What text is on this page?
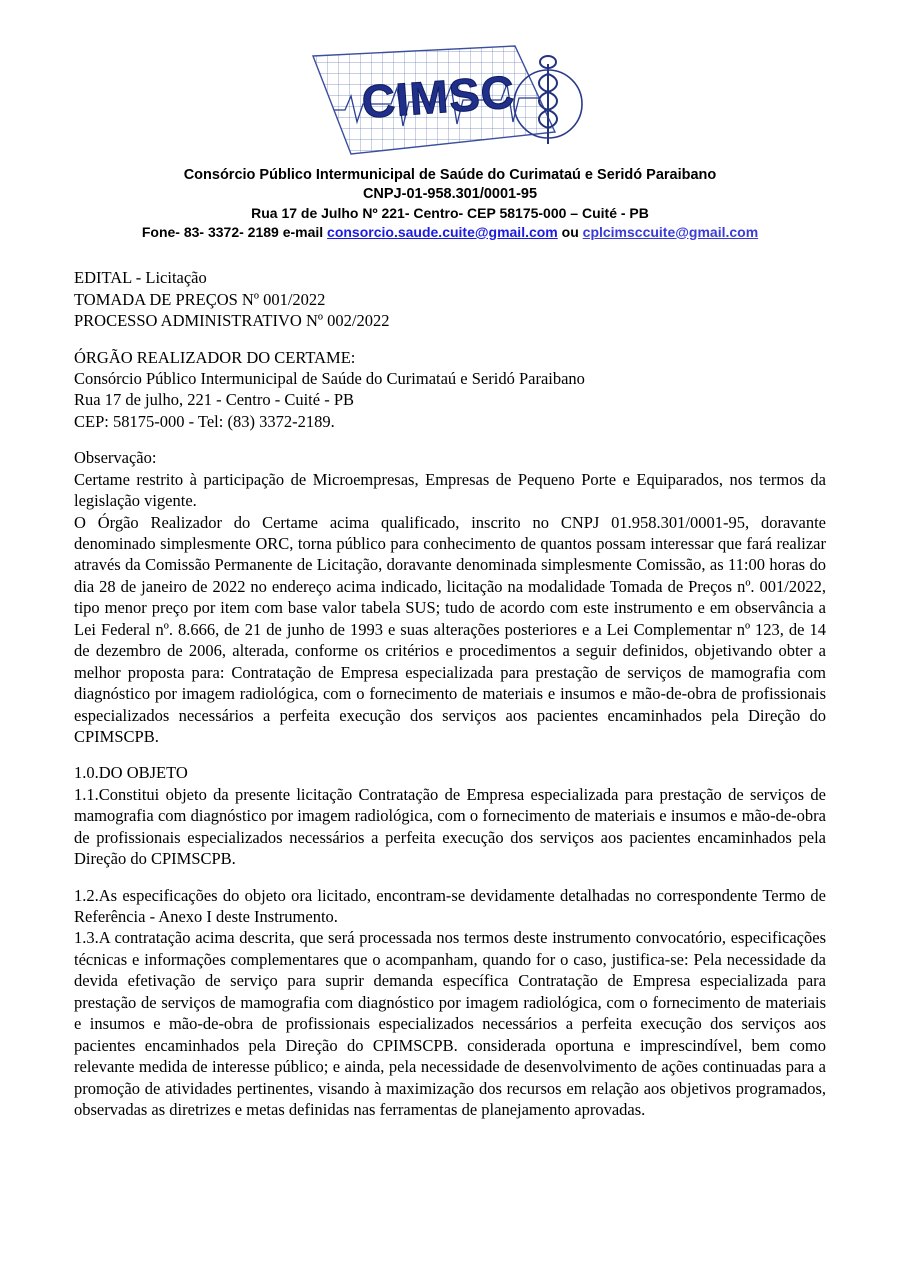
CIMSC
Consórcio Público Intermunicipal de Saúde do Curimataú e Seridó Paraibano
CNPJ-01-958.301/0001-95
Rua 17 de Julho Nº 221- Centro- CEP 58175-000 – Cuité - PB
Fone- 83- 3372- 2189 e-mail consorcio.saude.cuite@gmail.com ou cplcimsccuite@gmail.com

EDITAL - Licitação

TOMADA DE PREÇOS Nº 001/2022

PROCESSO ADMINISTRATIVO Nº 002/2022

ÓRGÃO REALIZADOR DO CERTAME:

Consórcio Público Intermunicipal de Saúde do Curimataú e Seridó Paraibano

Rua 17 de julho, 221 - Centro - Cuité - PB

CEP: 58175-000 - Tel: (83) 3372-2189.

Observação:

Certame restrito à participação de Microempresas, Empresas de Pequeno Porte e Equiparados, nos termos da legislação vigente.

O Órgão Realizador do Certame acima qualificado, inscrito no CNPJ 01.958.301/0001-95, doravante denominado simplesmente ORC, torna público para conhecimento de quantos possam interessar que fará realizar através da Comissão Permanente de Licitação, doravante denominada simplesmente Comissão, as 11:00 horas do dia 28 de janeiro de 2022 no endereço acima indicado, licitação na modalidade Tomada de Preços nº. 001/2022, tipo menor preço por item com base valor tabela SUS; tudo de acordo com este instrumento e em observância a Lei Federal nº. 8.666, de 21 de junho de 1993 e suas alterações posteriores e a Lei Complementar nº 123, de 14 de dezembro de 2006, alterada, conforme os critérios e procedimentos a seguir definidos, objetivando obter a melhor proposta para: Contratação de Empresa especializada para prestação de serviços de mamografia com diagnóstico por imagem radiológica, com o fornecimento de materiais e insumos e mão-de-obra de profissionais especializados necessários a perfeita execução dos serviços aos pacientes encaminhados pela Direção do CPIMSCPB.

1.0.DO OBJETO

1.1.Constitui objeto da presente licitação Contratação de Empresa especializada para prestação de serviços de mamografia com diagnóstico por imagem radiológica, com o fornecimento de materiais e insumos e mão-de-obra de profissionais especializados necessários a perfeita execução dos serviços aos pacientes encaminhados pela Direção do CPIMSCPB.

1.2.As especificações do objeto ora licitado, encontram-se devidamente detalhadas no correspondente Termo de Referência - Anexo I deste Instrumento.

1.3.A contratação acima descrita, que será processada nos termos deste instrumento convocatório, especificações técnicas e informações complementares que o acompanham, quando for o caso, justifica-se: Pela necessidade da devida efetivação de serviço para suprir demanda específica Contratação de Empresa especializada para prestação de serviços de mamografia com diagnóstico por imagem radiológica, com o fornecimento de materiais e insumos e mão-de-obra de profissionais especializados necessários a perfeita execução dos serviços aos pacientes encaminhados pela Direção do CPIMSCPB. considerada oportuna e imprescindível, bem como relevante medida de interesse público; e ainda, pela necessidade de desenvolvimento de ações continuadas para a promoção de atividades pertinentes, visando à maximização dos recursos em relação aos objetivos programados, observadas as diretrizes e metas definidas nas ferramentas de planejamento aprovadas.
